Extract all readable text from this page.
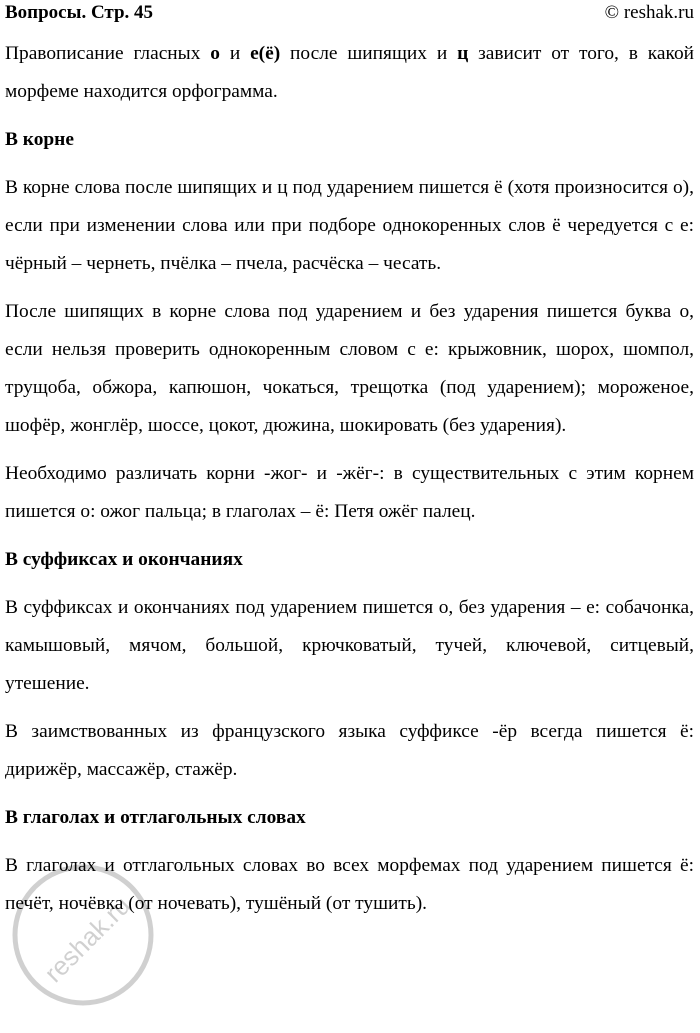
Вопросы. Стр. 45	© reshak.ru

Правописание гласных о и е(ё) после шипящих и ц зависит от того, в какой морфеме находится орфограмма.

В корне

В корне слова после шипящих и ц под ударением пишется ё (хотя произносится о), если при изменении слова или при подборе однокоренных слов ё чередуется с е: чёрный – чернеть, пчёлка – пчела, расчёска – чесать.

После шипящих в корне слова под ударением и без ударения пишется буква о, если нельзя проверить однокоренным словом с е: крыжовник, шорох, шомпол, трущоба, обжора, капюшон, чокаться, трещотка (под ударением); мороженое, шофёр, жонглёр, шоссе, цокот, дюжина, шокировать (без ударения).

Необходимо различать корни -жог- и -жёг-: в существительных с этим корнем пишется о: ожог пальца; в глаголах – ё: Петя ожёг палец.

В суффиксах и окончаниях

В суффиксах и окончаниях под ударением пишется о, без ударения – е: собачонка, камышовый, мячом, большой, крючковатый, тучей, ключевой, ситцевый, утешение.

В заимствованных из французского языка суффиксе -ёр всегда пишется ё: дирижёр, массажёр, стажёр.

В глаголах и отглагольных словах

В глаголах и отглагольных словах во всех морфемах под ударением пишется ё: печёт, ночёвка (от ночевать), тушёный (от тушить).

reshak.ru
